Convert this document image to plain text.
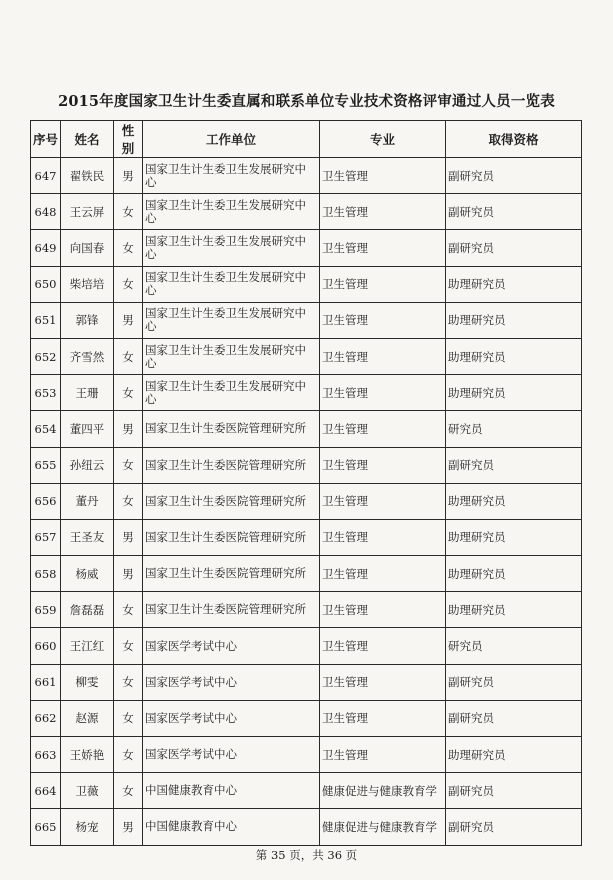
2015年度国家卫生计生委直属和联系单位专业技术资格评审通过人员一览表
序号	姓名	性别	工作单位	专业	取得资格
647	翟铁民	男	国家卫生计生委卫生发展研究中心	卫生管理	副研究员
648	王云屏	女	国家卫生计生委卫生发展研究中心	卫生管理	副研究员
649	向国春	女	国家卫生计生委卫生发展研究中心	卫生管理	副研究员
650	柴培培	女	国家卫生计生委卫生发展研究中心	卫生管理	助理研究员
651	郭锋	男	国家卫生计生委卫生发展研究中心	卫生管理	助理研究员
652	齐雪然	女	国家卫生计生委卫生发展研究中心	卫生管理	助理研究员
653	王珊	女	国家卫生计生委卫生发展研究中心	卫生管理	助理研究员
654	董四平	男	国家卫生计生委医院管理研究所	卫生管理	研究员
655	孙纽云	女	国家卫生计生委医院管理研究所	卫生管理	副研究员
656	董丹	女	国家卫生计生委医院管理研究所	卫生管理	助理研究员
657	王圣友	男	国家卫生计生委医院管理研究所	卫生管理	助理研究员
658	杨威	男	国家卫生计生委医院管理研究所	卫生管理	助理研究员
659	詹磊磊	女	国家卫生计生委医院管理研究所	卫生管理	助理研究员
660	王江红	女	国家医学考试中心	卫生管理	研究员
661	柳雯	女	国家医学考试中心	卫生管理	副研究员
662	赵源	女	国家医学考试中心	卫生管理	副研究员
663	王娇艳	女	国家医学考试中心	卫生管理	助理研究员
664	卫薇	女	中国健康教育中心	健康促进与健康教育学	副研究员
665	杨宠	男	中国健康教育中心	健康促进与健康教育学	副研究员
第 35 页，共 36 页
